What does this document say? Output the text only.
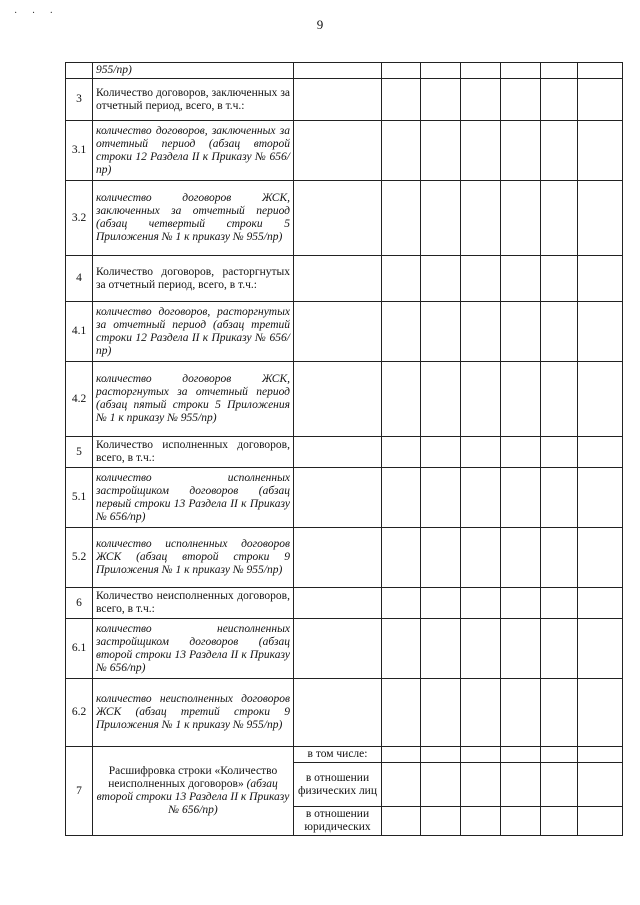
· · ·
9
	955/пр)							
3	Количество договоров, заключенных за отчетный период, всего, в т.ч.:							
3.1	количество договоров, заключенных за отчетный период (абзац второй строки 12 Раздела II к Приказу № 656/пр)							
3.2	количество договоров ЖСК, заключенных за отчетный период (абзац четвертый строки 5 Приложения № 1 к приказу № 955/пр)							
4	Количество договоров, расторгнутых за отчетный период, всего, в т.ч.:							
4.1	количество договоров, расторгнутых за отчетный период (абзац третий строки 12 Раздела II к Приказу № 656/пр)							
4.2	количество договоров ЖСК, расторгнутых за отчетный период (абзац пятый строки 5 Приложения № 1 к приказу № 955/пр)							
5	Количество исполненных договоров, всего, в т.ч.:							
5.1	количество исполненных застройщиком договоров (абзац первый строки 13 Раздела II к Приказу № 656/пр)							
5.2	количество исполненных договоров ЖСК (абзац второй строки 9 Приложения № 1 к приказу № 955/пр)							
6	Количество неисполненных договоров, всего, в т.ч.:							
6.1	количество неисполненных застройщиком договоров (абзац второй строки 13 Раздела II к Приказу № 656/пр)							
6.2	количество неисполненных договоров ЖСК (абзац третий строки 9 Приложения № 1 к приказу № 955/пр)							
7	Расшифровка строки «Количество неисполненных договоров» (абзац второй строки 13 Раздела II к Приказу № 656/пр)	в том числе:						
		в отношении физических лиц						
		в отношении юридических						
